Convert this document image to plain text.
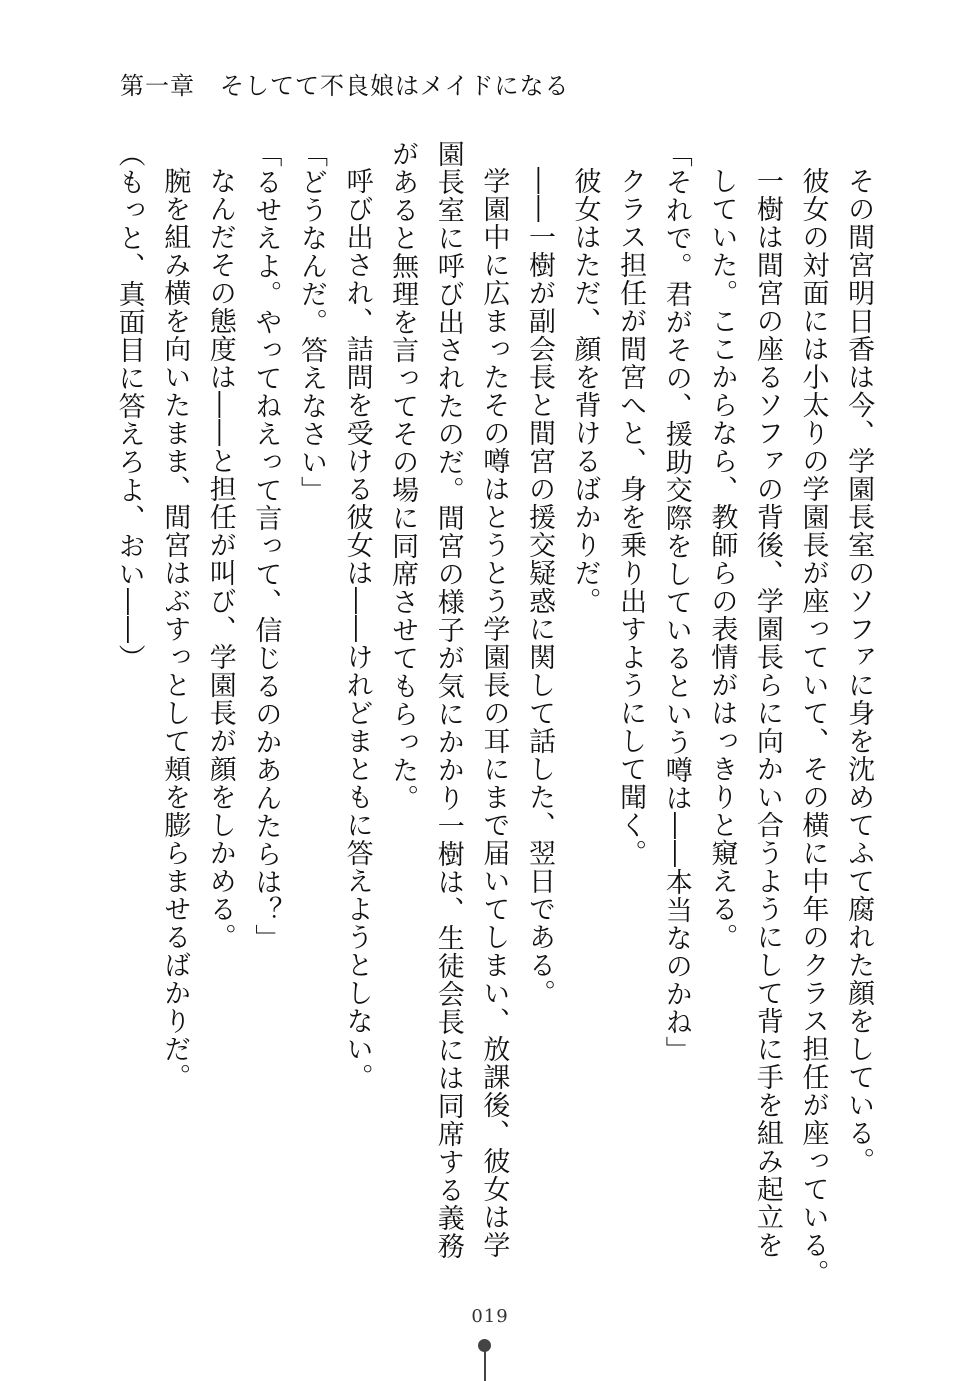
第一章　そしてて不良娘はメイドになる
その間宮明日香は今、学園長室のソファに身を沈めてふて腐れた顔をしている。
彼女の対面には小太りの学園長が座っていて、その横に中年のクラス担任が座っている。
一樹は間宮の座るソファの背後、学園長らに向かい合うようにして背に手を組み起立を
していた。ここからなら、教師らの表情がはっきりと窺える。
「それで。君がその、援助交際をしているという噂は――本当なのかね」
クラス担任が間宮へと、身を乗り出すようにして聞く。
彼女はただ、顔を背けるばかりだ。
――一樹が副会長と間宮の援交疑惑に関して話した、翌日である。
学園中に広まったその噂はとうとう学園長の耳にまで届いてしまい、放課後、彼女は学
園長室に呼び出されたのだ。間宮の様子が気にかかり一樹は、生徒会長には同席する義務
があると無理を言ってその場に同席させてもらった。
呼び出され、詰問を受ける彼女は――けれどまともに答えようとしない。
「どうなんだ。答えなさい」
「るせえよ。やってねえって言って、信じるのかあんたらは？」
なんだその態度は――と担任が叫び、学園長が顔をしかめる。
腕を組み横を向いたまま、間宮はぶすっとして頬を膨らませるばかりだ。
（もっと、真面目に答えろよ、おい――）
019
